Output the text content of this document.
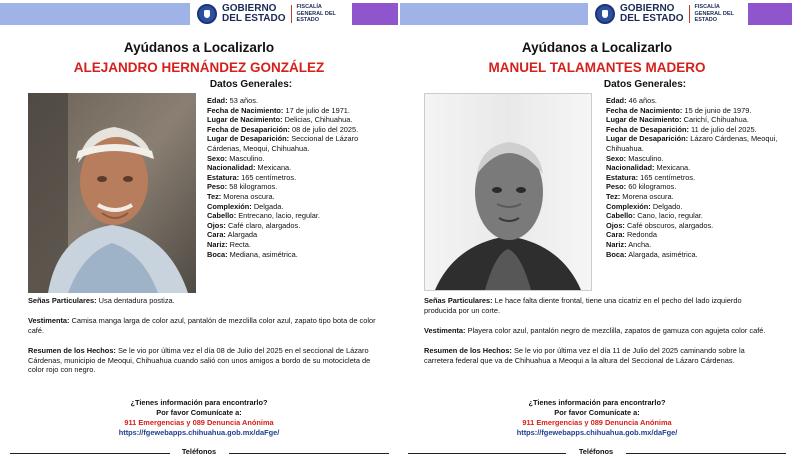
GOBIERNO
DEL ESTADO
FISCALÍA GENERAL DEL ESTADO
Ayúdanos a Localizarlo
ALEJANDRO HERNÁNDEZ GONZÁLEZ
Datos Generales:
Edad: 53 años.
Fecha de Nacimiento: 17 de julio de 1971.
Lugar de Nacimiento: Delicias, Chihuahua.
Fecha de Desaparición: 08 de julio del 2025.
Lugar de Desaparición: Seccional de Lázaro
Cárdenas, Meoqui, Chihuahua.
Sexo: Masculino.
Nacionalidad: Mexicana.
Estatura: 165 centímetros.
Peso: 58 kilogramos.
Tez: Morena oscura.
Complexión: Delgada.
Cabello: Entrecano, lacio, regular.
Ojos: Café claro, alargados.
Cara: Alargada
Nariz: Recta.
Boca: Mediana, asimétrica.
Señas Particulares: Usa dentadura postiza.
Vestimenta: Camisa manga larga de color azul, pantalón de mezclilla color azul, zapato tipo bota de color café.
Resumen de los Hechos: Se le vio por última vez el día 08 de Julio del 2025 en el seccional de Lázaro Cárdenas, municipio de Meoqui, Chihuahua cuando salió con unos amigos a bordo de su motocicleta de color rojo con negro.
¿Tienes información para encontrarlo?
Por favor Comunícate a:
911 Emergencias y 089 Denuncia Anónima
https://fgewebapps.chihuahua.gob.mx/daFge/
Teléfonos
GOBIERNO
DEL ESTADO
FISCALÍA GENERAL DEL ESTADO
Ayúdanos a Localizarlo
MANUEL TALAMANTES MADERO
Datos Generales:
Edad: 46 años.
Fecha de Nacimiento: 15 de junio de 1979.
Lugar de Nacimiento: Carichí, Chihuahua.
Fecha de Desaparición: 11 de julio del 2025.
Lugar de Desaparición: Lázaro Cárdenas, Meoqui,
Chihuahua.
Sexo: Masculino.
Nacionalidad: Mexicana.
Estatura: 165 centímetros.
Peso: 60 kilogramos.
Tez: Morena oscura.
Complexión: Delgado.
Cabello: Cano, lacio, regular.
Ojos: Café obscuros, alargados.
Cara: Redonda
Nariz: Ancha.
Boca: Alargada, asimétrica.
Señas Particulares: Le hace falta diente frontal, tiene una cicatriz en el pecho del lado izquierdo producida por un corte.
Vestimenta: Playera color azul, pantalón negro de mezclilla, zapatos de gamuza con agujeta color café.
Resumen de los Hechos: Se le vio por última vez el día 11 de Julio del 2025 caminando sobre la carretera federal que va de Chihuahua a Meoqui a la altura del Seccional de Lázaro Cárdenas.
¿Tienes información para encontrarlo?
Por favor Comunícate a:
911 Emergencias y 089 Denuncia Anónima
https://fgewebapps.chihuahua.gob.mx/daFge/
Teléfonos
